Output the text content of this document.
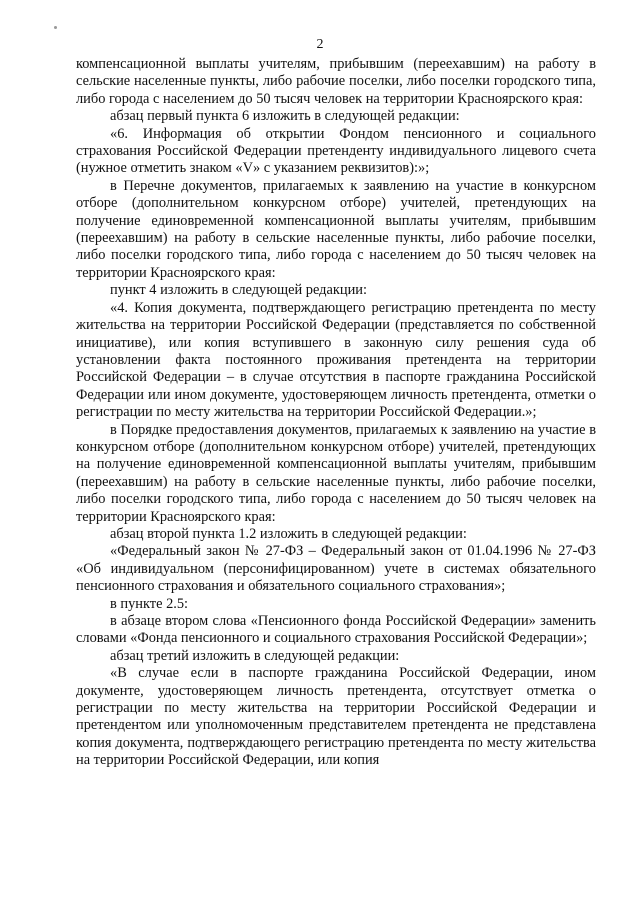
2

компенсационной выплаты учителям, прибывшим (переехавшим) на работу в сельские населенные пункты, либо рабочие поселки, либо поселки городского типа, либо города с населением до 50 тысяч человек на территории Красноярского края:

абзац первый пункта 6 изложить в следующей редакции:

«6. Информация об открытии Фондом пенсионного и социального страхования Российской Федерации претенденту индивидуального лицевого счета (нужное отметить знаком «V» с указанием реквизитов):»;

в Перечне документов, прилагаемых к заявлению на участие в конкурсном отборе (дополнительном конкурсном отборе) учителей, претендующих на получение единовременной компенсационной выплаты учителям, прибывшим (переехавшим) на работу в сельские населенные пункты, либо рабочие поселки, либо поселки городского типа, либо города с населением до 50 тысяч человек на территории Красноярского края:

пункт 4 изложить в следующей редакции:

«4. Копия документа, подтверждающего регистрацию претендента по месту жительства на территории Российской Федерации (представляется по собственной инициативе), или копия вступившего в законную силу решения суда об установлении факта постоянного проживания претендента на территории Российской Федерации – в случае отсутствия в паспорте гражданина Российской Федерации или ином документе, удостоверяющем личность претендента, отметки о регистрации по месту жительства на территории Российской Федерации.»;

в Порядке предоставления документов, прилагаемых к заявлению на участие в конкурсном отборе (дополнительном конкурсном отборе) учителей, претендующих на получение единовременной компенсационной выплаты учителям, прибывшим (переехавшим) на работу в сельские населенные пункты, либо рабочие поселки, либо поселки городского типа, либо города с населением до 50 тысяч человек на территории Красноярского края:

абзац второй пункта 1.2 изложить в следующей редакции:

«Федеральный закон № 27-ФЗ – Федеральный закон от 01.04.1996 № 27-ФЗ «Об индивидуальном (персонифицированном) учете в системах обязательного пенсионного страхования и обязательного социального страхования»;

в пункте 2.5:

в абзаце втором слова «Пенсионного фонда Российской Федерации» заменить словами «Фонда пенсионного и социального страхования Российской Федерации»;

абзац третий изложить в следующей редакции:

«В случае если в паспорте гражданина Российской Федерации, ином документе, удостоверяющем личность претендента, отсутствует отметка о регистрации по месту жительства на территории Российской Федерации и претендентом или уполномоченным представителем претендента не представлена копия документа, подтверждающего регистрацию претендента по месту жительства на территории Российской Федерации, или копия
